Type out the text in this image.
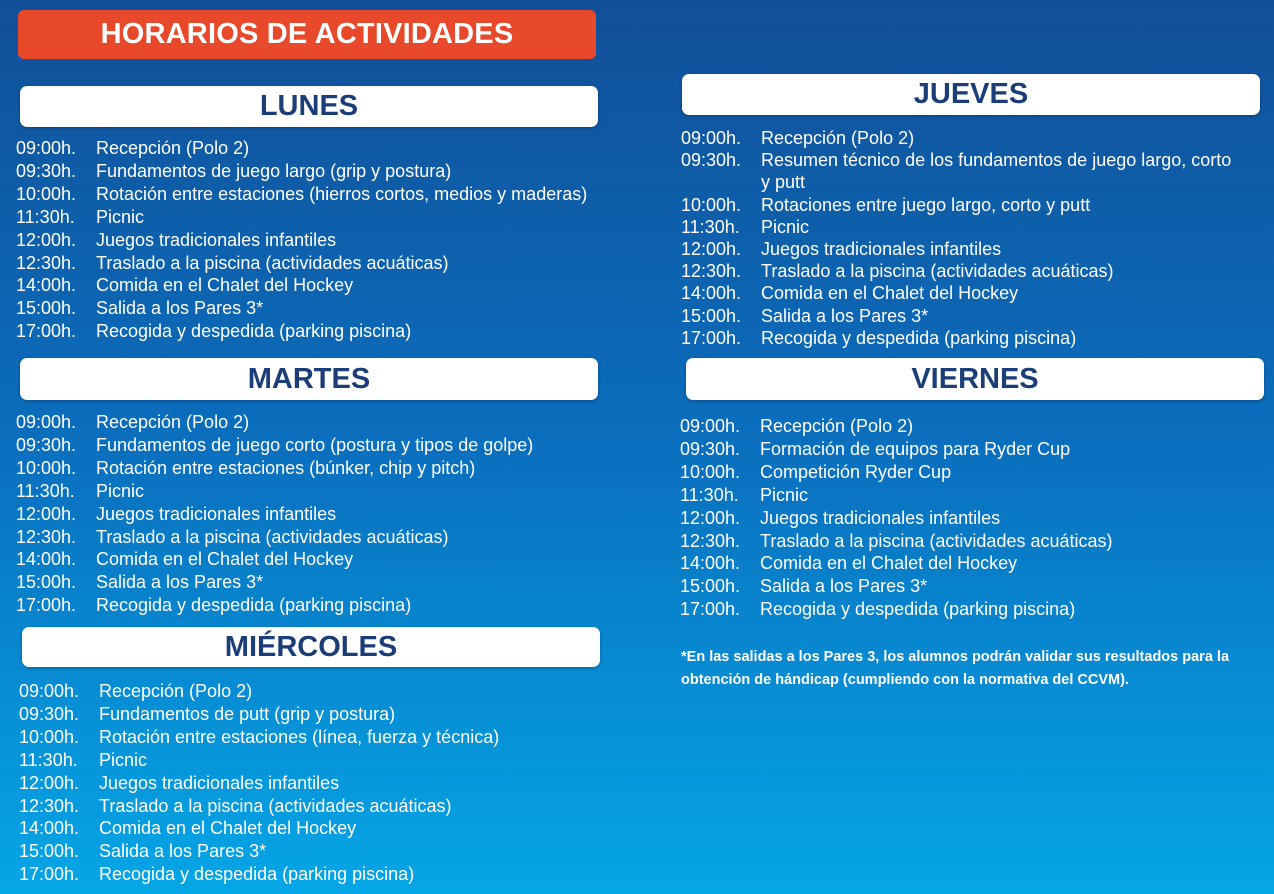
HORARIOS DE ACTIVIDADES
LUNES
09:00h.	Recepción (Polo 2)
09:30h.	Fundamentos de juego largo (grip y postura)
10:00h.	Rotación entre estaciones (hierros cortos, medios y maderas)
11:30h.	Picnic
12:00h.	Juegos tradicionales infantiles
12:30h.	Traslado a la piscina (actividades acuáticas)
14:00h.	Comida en el Chalet del Hockey
15:00h.	Salida a los Pares 3*
17:00h.	Recogida y despedida (parking piscina)
MARTES
09:00h.	Recepción (Polo 2)
09:30h.	Fundamentos de juego corto (postura y tipos de golpe)
10:00h.	Rotación entre estaciones (búnker, chip y pitch)
11:30h.	Picnic
12:00h.	Juegos tradicionales infantiles
12:30h.	Traslado a la piscina (actividades acuáticas)
14:00h.	Comida en el Chalet del Hockey
15:00h.	Salida a los Pares 3*
17:00h.	Recogida y despedida (parking piscina)
MIÉRCOLES
09:00h.	Recepción (Polo 2)
09:30h.	Fundamentos de putt (grip y postura)
10:00h.	Rotación entre estaciones (línea, fuerza y técnica)
11:30h.	Picnic
12:00h.	Juegos tradicionales infantiles
12:30h.	Traslado a la piscina (actividades acuáticas)
14:00h.	Comida en el Chalet del Hockey
15:00h.	Salida a los Pares 3*
17:00h.	Recogida y despedida (parking piscina)
JUEVES
09:00h.	Recepción (Polo 2)
09:30h.	Resumen técnico de los fundamentos de juego largo, corto y putt
10:00h.	Rotaciones entre juego largo, corto y putt
11:30h.	Picnic
12:00h.	Juegos tradicionales infantiles
12:30h.	Traslado a la piscina (actividades acuáticas)
14:00h.	Comida en el Chalet del Hockey
15:00h.	Salida a los Pares 3*
17:00h.	Recogida y despedida (parking piscina)
VIERNES
09:00h.	Recepción (Polo 2)
09:30h.	Formación de equipos para Ryder Cup
10:00h.	Competición Ryder Cup
11:30h.	Picnic
12:00h.	Juegos tradicionales infantiles
12:30h.	Traslado a la piscina (actividades acuáticas)
14:00h.	Comida en el Chalet del Hockey
15:00h.	Salida a los Pares 3*
17:00h.	Recogida y despedida (parking piscina)

*En las salidas a los Pares 3, los alumnos podrán validar sus resultados para la obtención de hándicap (cumpliendo con la normativa del CCVM).
